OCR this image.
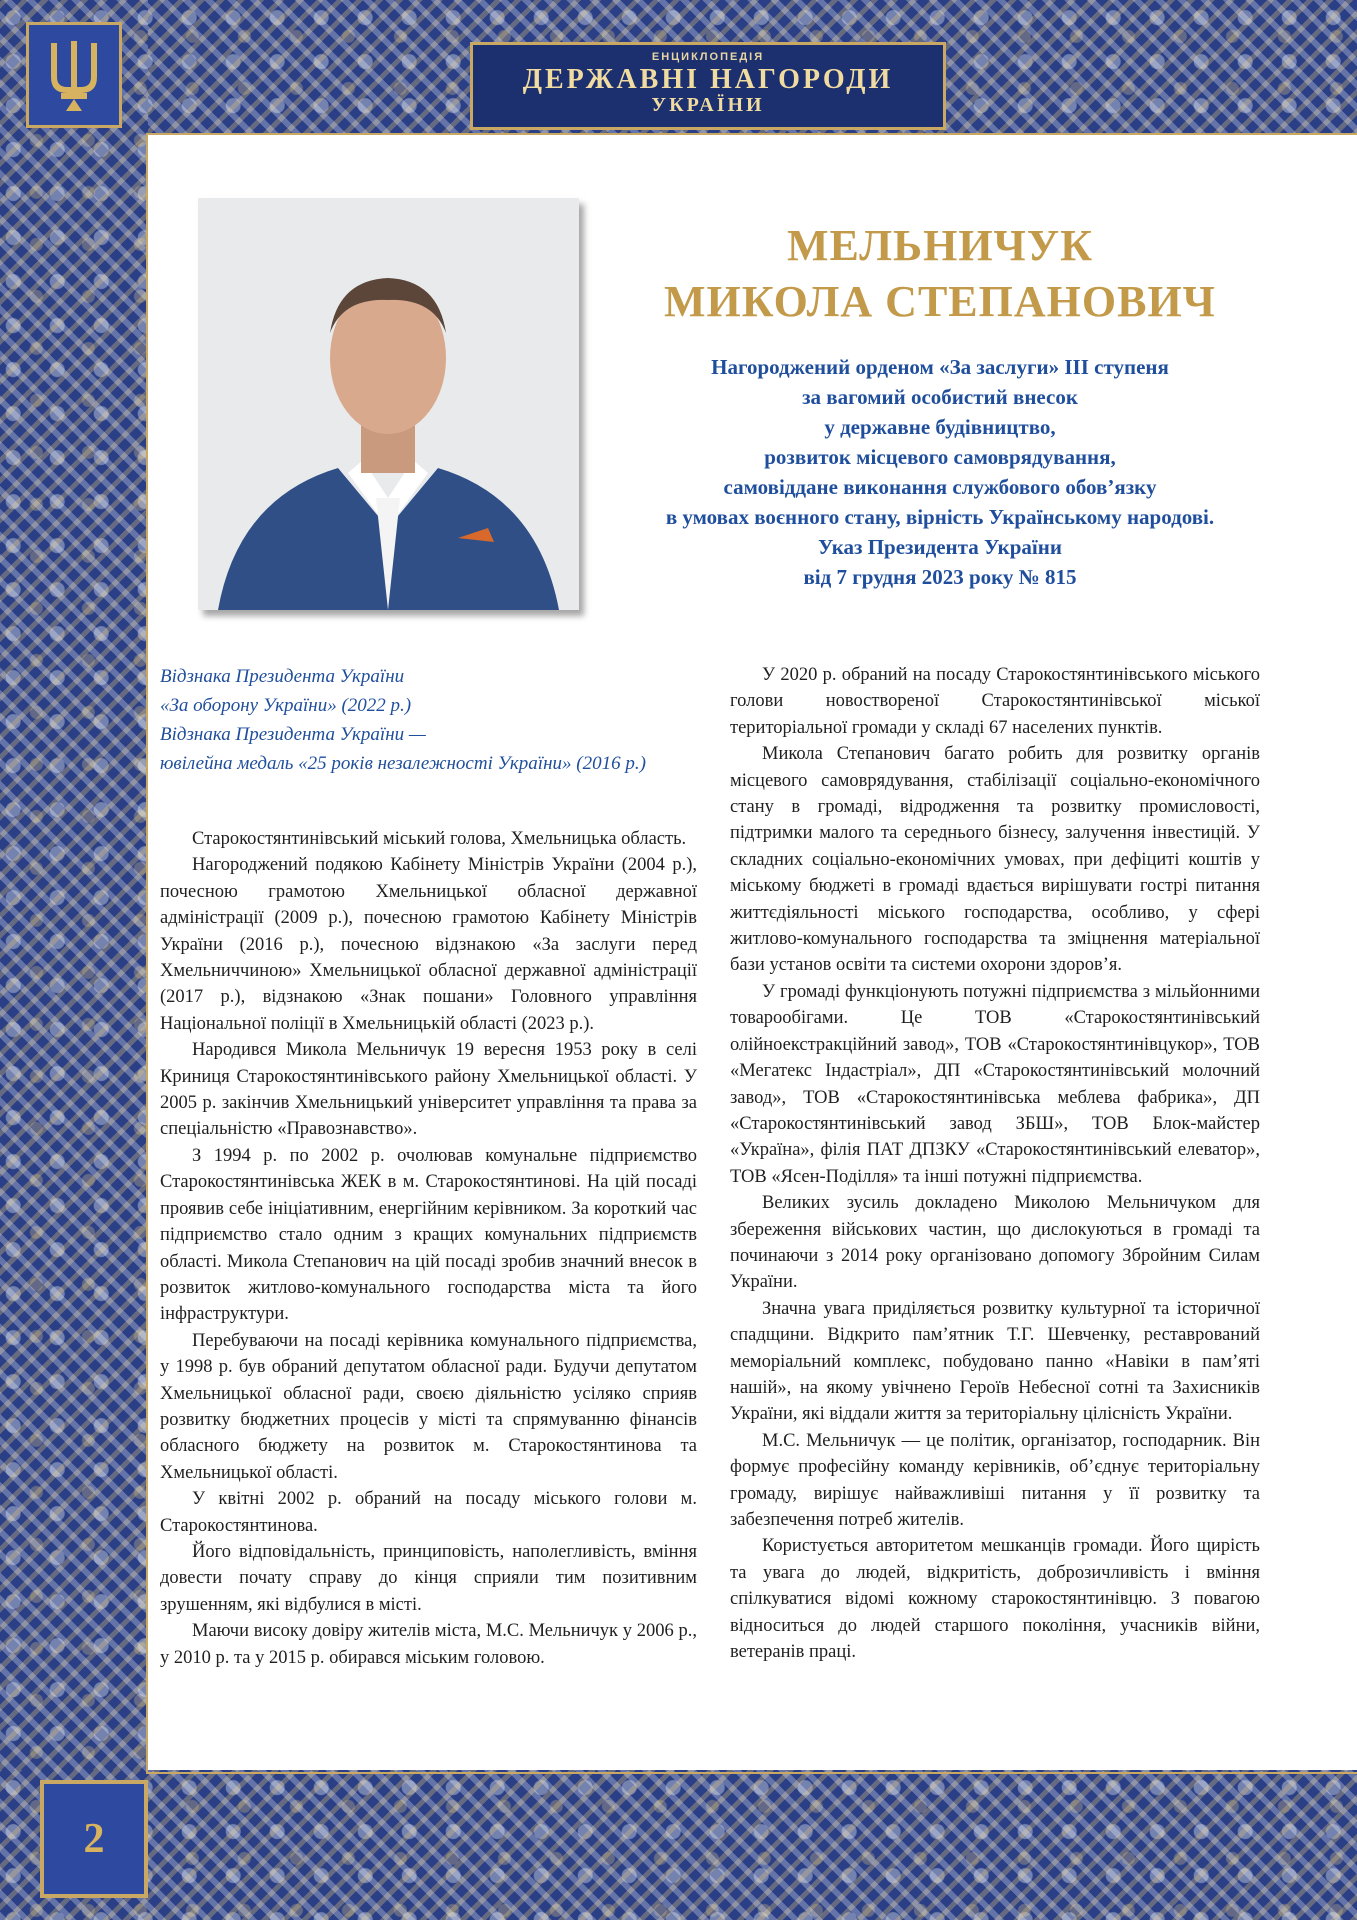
ЕНЦИКЛОПЕДІЯ
ДЕРЖАВНІ НАГОРОДИ
УКРАЇНИ
МЕЛЬНИЧУК
МИКОЛА СТЕПАНОВИЧ
Нагороджений орденом «За заслуги» ІІІ ступеня
за вагомий особистий внесок
у державне будівництво,
розвиток місцевого самоврядування,
самовіддане виконання службового обов’язку
в умовах воєнного стану, вірність Українському народові.
Указ Президента України
від 7 грудня 2023 року № 815

Відзнака Президента України

«За оборону України» (2022 р.)

Відзнака Президента України —

ювілейна медаль «25 років незалежності України» (2016 р.)

Старокостянтинівський міський голова, Хмельницька область.

Нагороджений подякою Кабінету Міністрів України (2004 р.), почесною грамотою Хмельницької обласної державної адміністрації (2009 р.), почесною грамотою Кабінету Міністрів України (2016 р.), почесною відзнакою «За заслуги перед Хмельниччиною» Хмельницької обласної державної адміністрації (2017 р.), відзнакою «Знак пошани» Головного управління Національної поліції в Хмельницькій області (2023 р.).

Народився Микола Мельничук 19 вересня 1953 року в селі Криниця Старокостянтинівського району Хмельницької області. У 2005 р. закінчив Хмельницький університет управління та права за спеціальністю «Правознавство».

З 1994 р. по 2002 р. очолював комунальне підприємство Старокостянтинівська ЖЕК в м. Старокостянтинові. На цій посаді проявив себе ініціативним, енергійним керівником. За короткий час підприємство стало одним з кращих комунальних підприємств області. Микола Степанович на цій посаді зробив значний внесок в розвиток житлово-комунального господарства міста та його інфраструктури.

Перебуваючи на посаді керівника комунального підприємства, у 1998 р. був обраний депутатом обласної ради. Будучи депутатом Хмельницької обласної ради, своєю діяльністю усіляко сприяв розвитку бюджетних процесів у місті та спрямуванню фінансів обласного бюджету на розвиток м. Старокостянтинова та Хмельницької області.

У квітні 2002 р. обраний на посаду міського голови м. Старокостянтинова.

Його відповідальність, принциповість, наполегливість, вміння довести почату справу до кінця сприяли тим позитивним зрушенням, які відбулися в місті.

Маючи високу довіру жителів міста, М.С. Мельничук у 2006 р., у 2010 р. та у 2015 р. обирався міським головою.

У 2020 р. обраний на посаду Старокостянтинівського міського голови новоствореної Старокостянтинівської міської територіальної громади у складі 67 населених пунктів.

Микола Степанович багато робить для розвитку органів місцевого самоврядування, стабілізації соціально-економічного стану в громаді, відродження та розвитку промисловості, підтримки малого та середнього бізнесу, залучення інвестицій. У складних соціально-економічних умовах, при дефіциті коштів у міському бюджеті в громаді вдається вирішувати гострі питання життєдіяльності міського господарства, особливо, у сфері житлово-комунального господарства та зміцнення матеріальної бази установ освіти та системи охорони здоров’я.

У громаді функціонують потужні підприємства з мільйонними товарообігами. Це ТОВ «Старокостянтинівський олійноекстракційний завод», ТОВ «Старокостянтинівцукор», ТОВ «Мегатекс Індастріал», ДП «Старокостянтинівський молочний завод», ТОВ «Старокостянтинівська меблева фабрика», ДП «Старокостянтинівський завод ЗБШ», ТОВ Блок-майстер «Україна», філія ПАТ ДПЗКУ «Старокостянтинівський елеватор», ТОВ «Ясен-Поділля» та інші потужні підприємства.

Великих зусиль докладено Миколою Мельничуком для збереження військових частин, що дислокуються в громаді та починаючи з 2014 року організовано допомогу Збройним Силам України.

Значна увага приділяється розвитку культурної та історичної спадщини. Відкрито пам’ятник Т.Г. Шевченку, реставрований меморіальний комплекс, побудовано панно «Навіки в пам’яті нашій», на якому увічнено Героїв Небесної сотні та Захисників України, які віддали життя за територіальну цілісність України.

М.С. Мельничук — це політик, організатор, господарник. Він формує професійну команду керівників, об’єднує територіальну громаду, вирішує найважливіші питання у її розвитку та забезпечення потреб жителів.

Користується авторитетом мешканців громади. Його щирість та увага до людей, відкритість, доброзичливість і вміння спілкуватися відомі кожному старокостянтинівцю. З повагою відноситься до людей старшого покоління, учасників війни, ветеранів праці.

2
